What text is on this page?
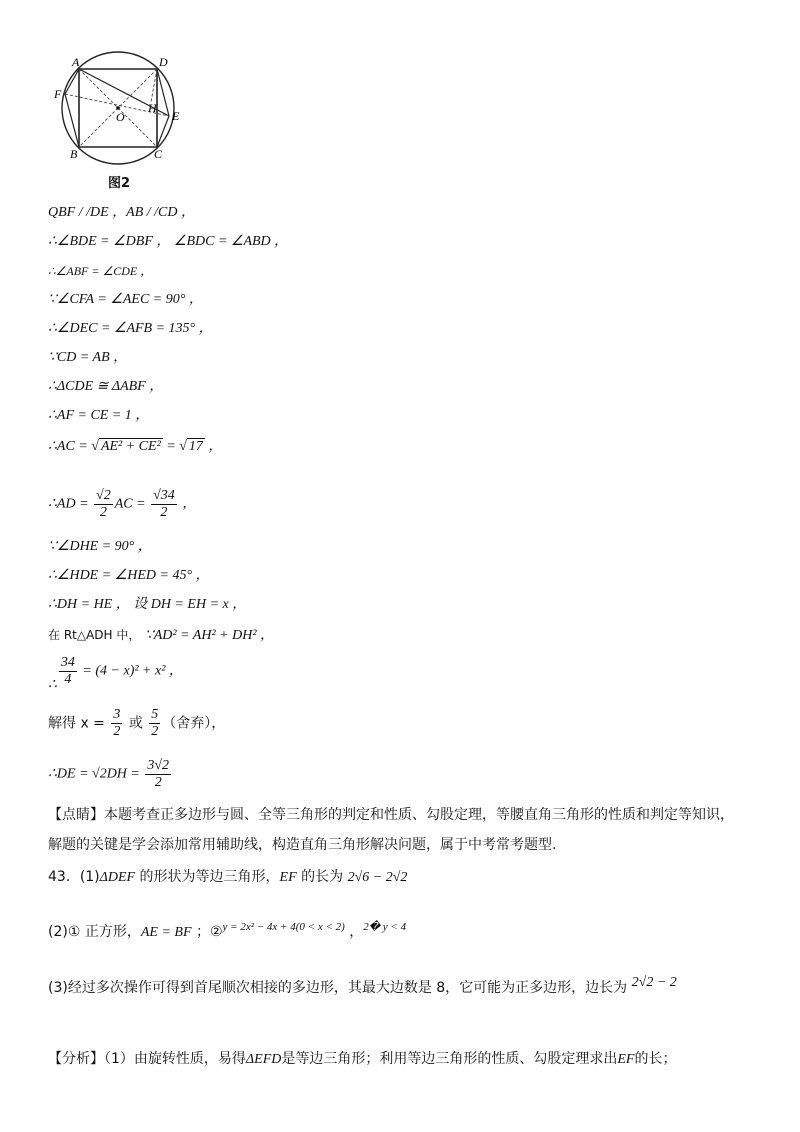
A	D
F
E
H
O
B	C
图2
QBF / /DE ，AB / /CD ，
∴∠BDE = ∠DBF ， ∠BDC = ∠ABD ，
∴∠ABF = ∠CDE ，
∵∠CFA = ∠AEC = 90° ，
∴∠DEC = ∠AFB = 135° ，
∵CD = AB ，
∴ΔCDE ≅ ΔABF ，
∴AF = CE = 1 ，
∴AC = √ AE² + CE² = √ 17 ，
∴AD = $\frac{√2}{2}$ AC = $\frac{√34}{2}$ ，
∵∠DHE = 90° ，
∴∠HDE = ∠HED = 45° ，
∴DH = HE ， 设 DH = EH = x ，
在 Rt△ADH 中， ∵AD² = AH² + DH² ，
∴ $\frac{34}{4} = (4 - x)^2 + x^2$ ，
解得 $x = \frac{3}{2}$ 或 $\frac{5}{2}$ （舍弃），
∴DE = $√2DH = \frac{3√2}{2}$
【点睛】本题考查正多边形与圆、全等三角形的判定和性质、勾股定理，等腰直角三角形的性质和判定等知识，
解题的关键是学会添加常用辅助线，构造直角三角形解决问题，属于中考常考题型.
43．(1)ΔDEF 的形状为等边三角形，EF 的长为 2√6 − 2√2
(2)① 正方形，AE = BF ；②$^{y = 2x^2 - 4x + 4(0 < x < 2)}$ ，$^{2� y < 4}$
(3)经过多次操作可得到首尾顺次相接的多边形，其最大边数是 8，它可能为正多边形，边长为 2√2 − 2
【分析】（1）由旋转性质，易得ΔEFD是等边三角形；利用等边三角形的性质、勾股定理求出EF的长；
